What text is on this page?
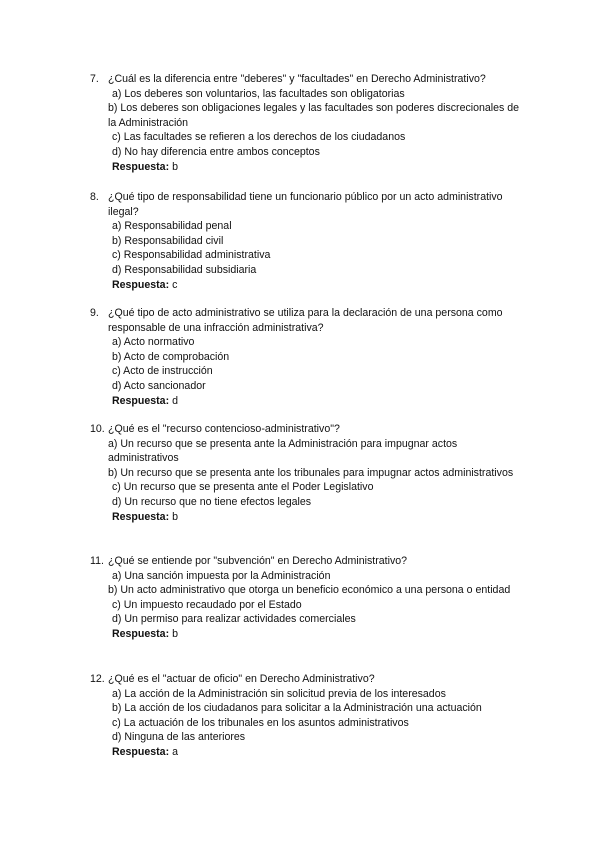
7. ¿Cuál es la diferencia entre "deberes" y "facultades" en Derecho Administrativo?
a) Los deberes son voluntarios, las facultades son obligatorias
b) Los deberes son obligaciones legales y las facultades son poderes discrecionales de la Administración
c) Las facultades se refieren a los derechos de los ciudadanos
d) No hay diferencia entre ambos conceptos
Respuesta: b
8. ¿Qué tipo de responsabilidad tiene un funcionario público por un acto administrativo ilegal?
a) Responsabilidad penal
b) Responsabilidad civil
c) Responsabilidad administrativa
d) Responsabilidad subsidiaria
Respuesta: c
9. ¿Qué tipo de acto administrativo se utiliza para la declaración de una persona como responsable de una infracción administrativa?
a) Acto normativo
b) Acto de comprobación
c) Acto de instrucción
d) Acto sancionador
Respuesta: d
10. ¿Qué es el "recurso contencioso-administrativo"?
a) Un recurso que se presenta ante la Administración para impugnar actos administrativos
b) Un recurso que se presenta ante los tribunales para impugnar actos administrativos
c) Un recurso que se presenta ante el Poder Legislativo
d) Un recurso que no tiene efectos legales
Respuesta: b
11. ¿Qué se entiende por "subvención" en Derecho Administrativo?
a) Una sanción impuesta por la Administración
b) Un acto administrativo que otorga un beneficio económico a una persona o entidad
c) Un impuesto recaudado por el Estado
d) Un permiso para realizar actividades comerciales
Respuesta: b
12. ¿Qué es el "actuar de oficio" en Derecho Administrativo?
a) La acción de la Administración sin solicitud previa de los interesados
b) La acción de los ciudadanos para solicitar a la Administración una actuación
c) La actuación de los tribunales en los asuntos administrativos
d) Ninguna de las anteriores
Respuesta: a
